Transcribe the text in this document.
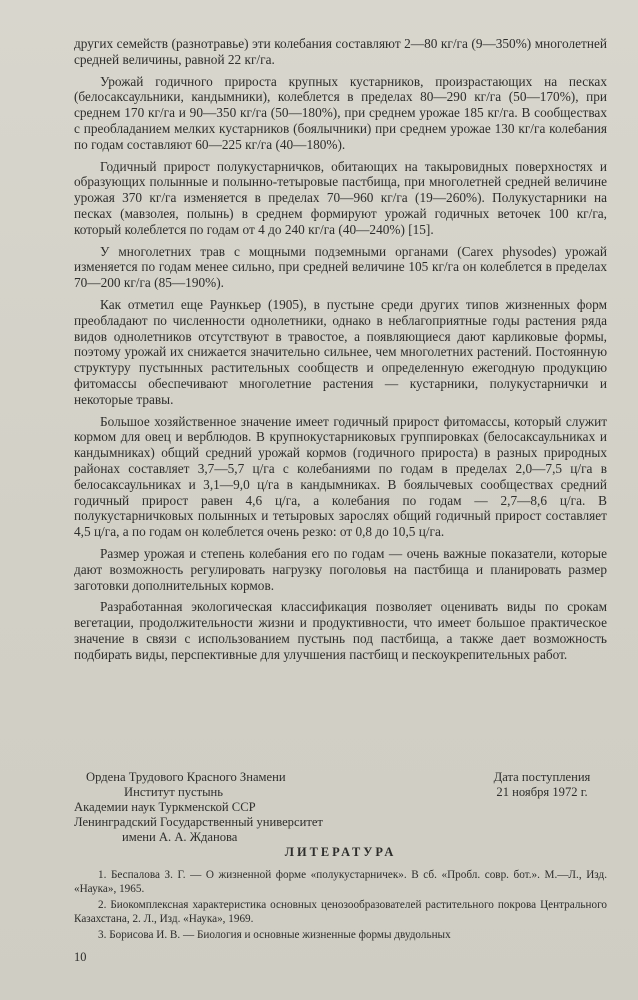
других семейств (разнотравье) эти колебания составляют 2—80 кг/га (9—350%) многолетней средней величины, равной 22 кг/га.

Урожай годичного прироста крупных кустарников, произрастающих на песках (белосаксаульники, кандымники), колеблется в пределах 80—290 кг/га (50—170%), при среднем 170 кг/га и 90—350 кг/га (50—180%), при среднем урожае 185 кг/га. В сообществах с преобладанием мелких кустарников (боялычники) при среднем урожае 130 кг/га колебания по годам составляют 60—225 кг/га (40—180%).

Годичный прирост полукустарничков, обитающих на такыровидных поверхностях и образующих полынные и полынно-тетыровые пастбища, при многолетней средней величине урожая 370 кг/га изменяется в пределах 70—960 кг/га (19—260%). Полукустарники на песках (мавзолея, полынь) в среднем формируют урожай годичных веточек 100 кг/га, который колеблется по годам от 4 до 240 кг/га (40—240%) [15].

У многолетних трав с мощными подземными органами (Carex physodes) урожай изменяется по годам менее сильно, при средней величине 105 кг/га он колеблется в пределах 70—200 кг/га (85—190%).

Как отметил еще Раункьер (1905), в пустыне среди других типов жизненных форм преобладают по численности однолетники, однако в неблагоприятные годы растения ряда видов однолетников отсутствуют в травостое, а появляющиеся дают карликовые формы, поэтому урожай их снижается значительно сильнее, чем многолетних растений. Постоянную структуру пустынных растительных сообществ и определенную ежегодную продукцию фитомассы обеспечивают многолетние растения — кустарники, полукустарнички и некоторые травы.

Большое хозяйственное значение имеет годичный прирост фитомассы, который служит кормом для овец и верблюдов. В крупнокустарниковых группировках (белосаксаульниках и кандымниках) общий средний урожай кормов (годичного прироста) в разных природных районах составляет 3,7—5,7 ц/га с колебаниями по годам в пределах 2,0—7,5 ц/га в белосаксаульниках и 3,1—9,0 ц/га в кандымниках. В боялычевых сообществах средний годичный прирост равен 4,6 ц/га, а колебания по годам — 2,7—8,6 ц/га. В полукустарничковых полынных и тетыровых зарослях общий годичный прирост составляет 4,5 ц/га, а по годам он колеблется очень резко: от 0,8 до 10,5 ц/га.

Размер урожая и степень колебания его по годам — очень важные показатели, которые дают возможность регулировать нагрузку поголовья на пастбища и планировать размер заготовки дополнительных кормов.

Разработанная экологическая классификация позволяет оценивать виды по срокам вегетации, продолжительности жизни и продуктивности, что имеет большое практическое значение в связи с использованием пустынь под пастбища, а также дает возможность подбирать виды, перспективные для улучшения пастбищ и пескоукрепительных работ.

Ордена Трудового Красного Знамени
Институт пустынь
Академии наук Туркменской ССР
Ленинградский Государственный университет
имени А. А. Жданова
Дата поступления
21 ноября 1972 г.
ЛИТЕРАТУРА

1. Беспалова З. Г. — О жизненной форме «полукустарничек». В сб. «Пробл. совр. бот.». М.—Л., Изд. «Наука», 1965.

2. Биокомплексная характеристика основных ценозообразователей растительного покрова Центрального Казахстана, 2. Л., Изд. «Наука», 1969.

3. Борисова И. В. — Биология и основные жизненные формы двудольных

10
